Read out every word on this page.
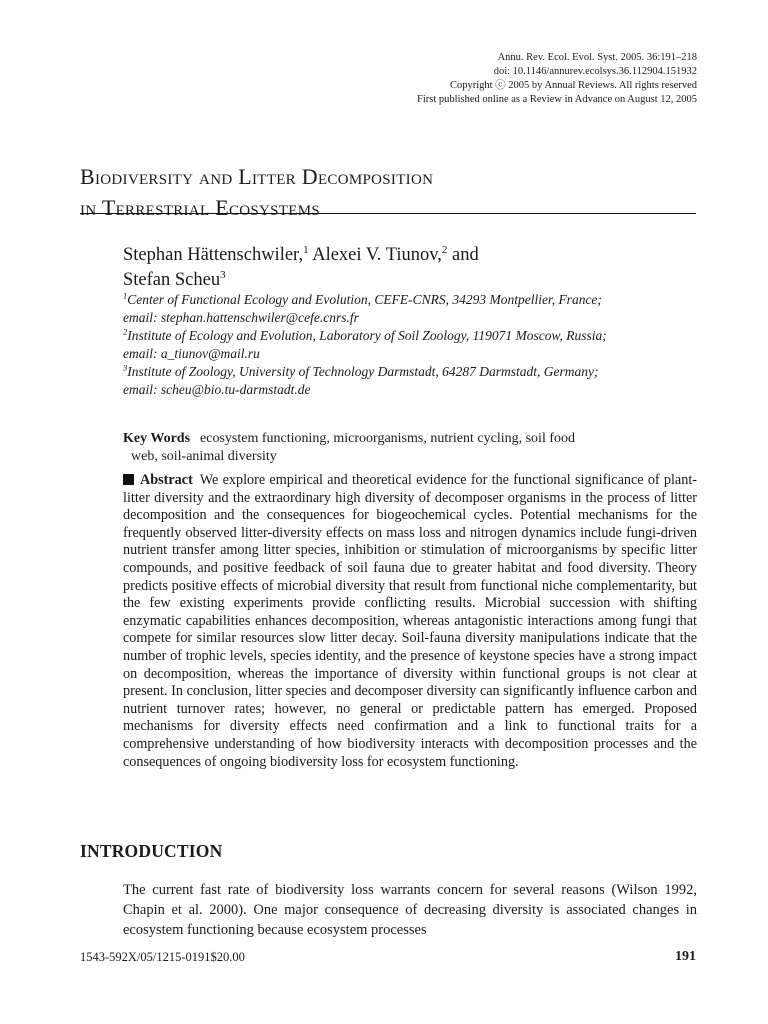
Annu. Rev. Ecol. Evol. Syst. 2005. 36:191–218
doi: 10.1146/annurev.ecolsys.36.112904.151932
Copyright ⓒ 2005 by Annual Reviews. All rights reserved
First published online as a Review in Advance on August 12, 2005
Biodiversity and Litter Decomposition
in Terrestrial Ecosystems
Stephan Hättenschwiler,$^1$ Alexei V. Tiunov,$^2$ and
Stefan Scheu$^3$
$^1$Center of Functional Ecology and Evolution, CEFE-CNRS, 34293 Montpellier, France;
email: stephan.hattenschwiler@cefe.cnrs.fr
$^2$Institute of Ecology and Evolution, Laboratory of Soil Zoology, 119071 Moscow, Russia;
email: a_tiunov@mail.ru
$^3$Institute of Zoology, University of Technology Darmstadt, 64287 Darmstadt, Germany;
email: scheu@bio.tu-darmstadt.de
Key Words ecosystem functioning, microorganisms, nutrient cycling, soil food
web, soil-animal diversity
Abstract We explore empirical and theoretical evidence for the functional significance of plant-litter diversity and the extraordinary high diversity of decomposer organisms in the process of litter decomposition and the consequences for biogeochemical cycles. Potential mechanisms for the frequently observed litter-diversity effects on mass loss and nitrogen dynamics include fungi-driven nutrient transfer among litter species, inhibition or stimulation of microorganisms by specific litter compounds, and positive feedback of soil fauna due to greater habitat and food diversity. Theory predicts positive effects of microbial diversity that result from functional niche complementarity, but the few existing experiments provide conflicting results. Microbial succession with shifting enzymatic capabilities enhances decomposition, whereas antagonistic interactions among fungi that compete for similar resources slow litter decay. Soil-fauna diversity manipulations indicate that the number of trophic levels, species identity, and the presence of keystone species have a strong impact on decomposition, whereas the importance of diversity within functional groups is not clear at present. In conclusion, litter species and decomposer diversity can significantly influence carbon and nutrient turnover rates; however, no general or predictable pattern has emerged. Proposed mechanisms for diversity effects need confirmation and a link to functional traits for a comprehensive understanding of how biodiversity interacts with decomposition processes and the consequences of ongoing biodiversity loss for ecosystem functioning.
INTRODUCTION
The current fast rate of biodiversity loss warrants concern for several reasons (Wilson 1992, Chapin et al. 2000). One major consequence of decreasing diversity is associated changes in ecosystem functioning because ecosystem processes
1543-592X/05/1215-0191$20.00	191
